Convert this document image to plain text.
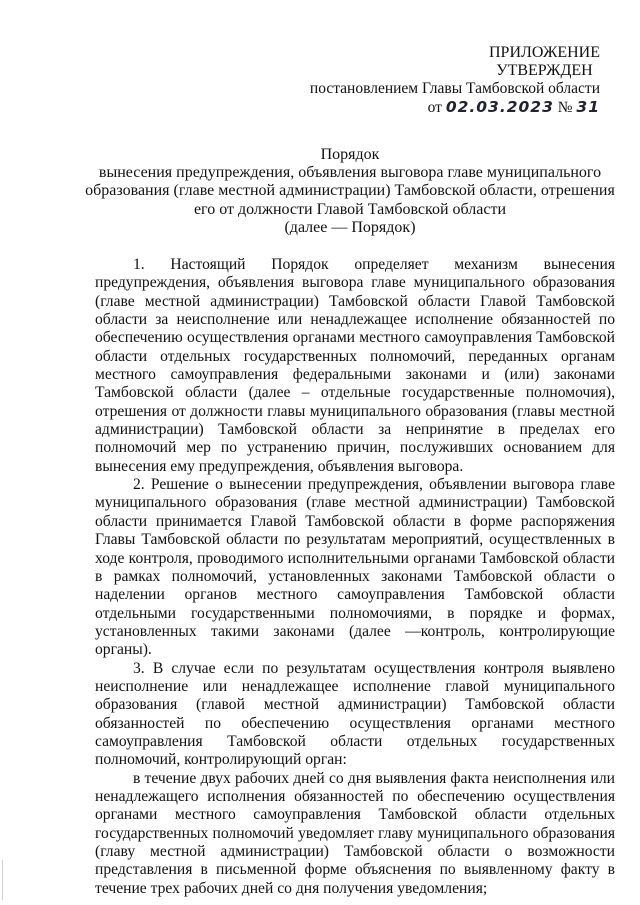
ПРИЛОЖЕНИЕ
УТВЕРЖДЕН
постановлением Главы Тамбовской области
от 02.03.2023 № 31
Порядок
вынесения предупреждения, объявления выговора главе муниципального
образования (главе местной администрации) Тамбовской области, отрешения
его от должности Главой Тамбовской области
(далее — Порядок)

1. Настоящий Порядок определяет механизм вынесения предупреждения, объявления выговора главе муниципального образования (главе местной администрации) Тамбовской области Главой Тамбовской области за неисполнение или ненадлежащее исполнение обязанностей по обеспечению осуществления органами местного самоуправления Тамбовской области отдельных государственных полномочий, переданных органам местного самоуправления федеральными законами и (или) законами Тамбовской области (далее – отдельные государственные полномочия), отрешения от должности главы муниципального образования (главы местной администрации) Тамбовской области за непринятие в пределах его полномочий мер по устранению причин, послуживших основанием для вынесения ему предупреждения, объявления выговора.

2. Решение о вынесении предупреждения, объявлении выговора главе муниципального образования (главе местной администрации) Тамбовской области принимается Главой Тамбовской области в форме распоряжения Главы Тамбовской области по результатам мероприятий, осуществленных в ходе контроля, проводимого исполнительными органами Тамбовской области в рамках полномочий, установленных законами Тамбовской области о наделении органов местного самоуправления Тамбовской области отдельными государственными полномочиями, в порядке и формах, установленных такими законами (далее —контроль, контролирующие органы).

3. В случае если по результатам осуществления контроля выявлено неисполнение или ненадлежащее исполнение главой муниципального образования (главой местной администрации) Тамбовской области обязанностей по обеспечению осуществления органами местного самоуправления Тамбовской области отдельных государственных полномочий, контролирующий орган:

в течение двух рабочих дней со дня выявления факта неисполнения или ненадлежащего исполнения обязанностей по обеспечению осуществления органами местного самоуправления Тамбовской области отдельных государственных полномочий уведомляет главу муниципального образования (главу местной администрации) Тамбовской области о возможности представления в письменной форме объяснения по выявленному факту в течение трех рабочих дней со дня получения уведомления;
